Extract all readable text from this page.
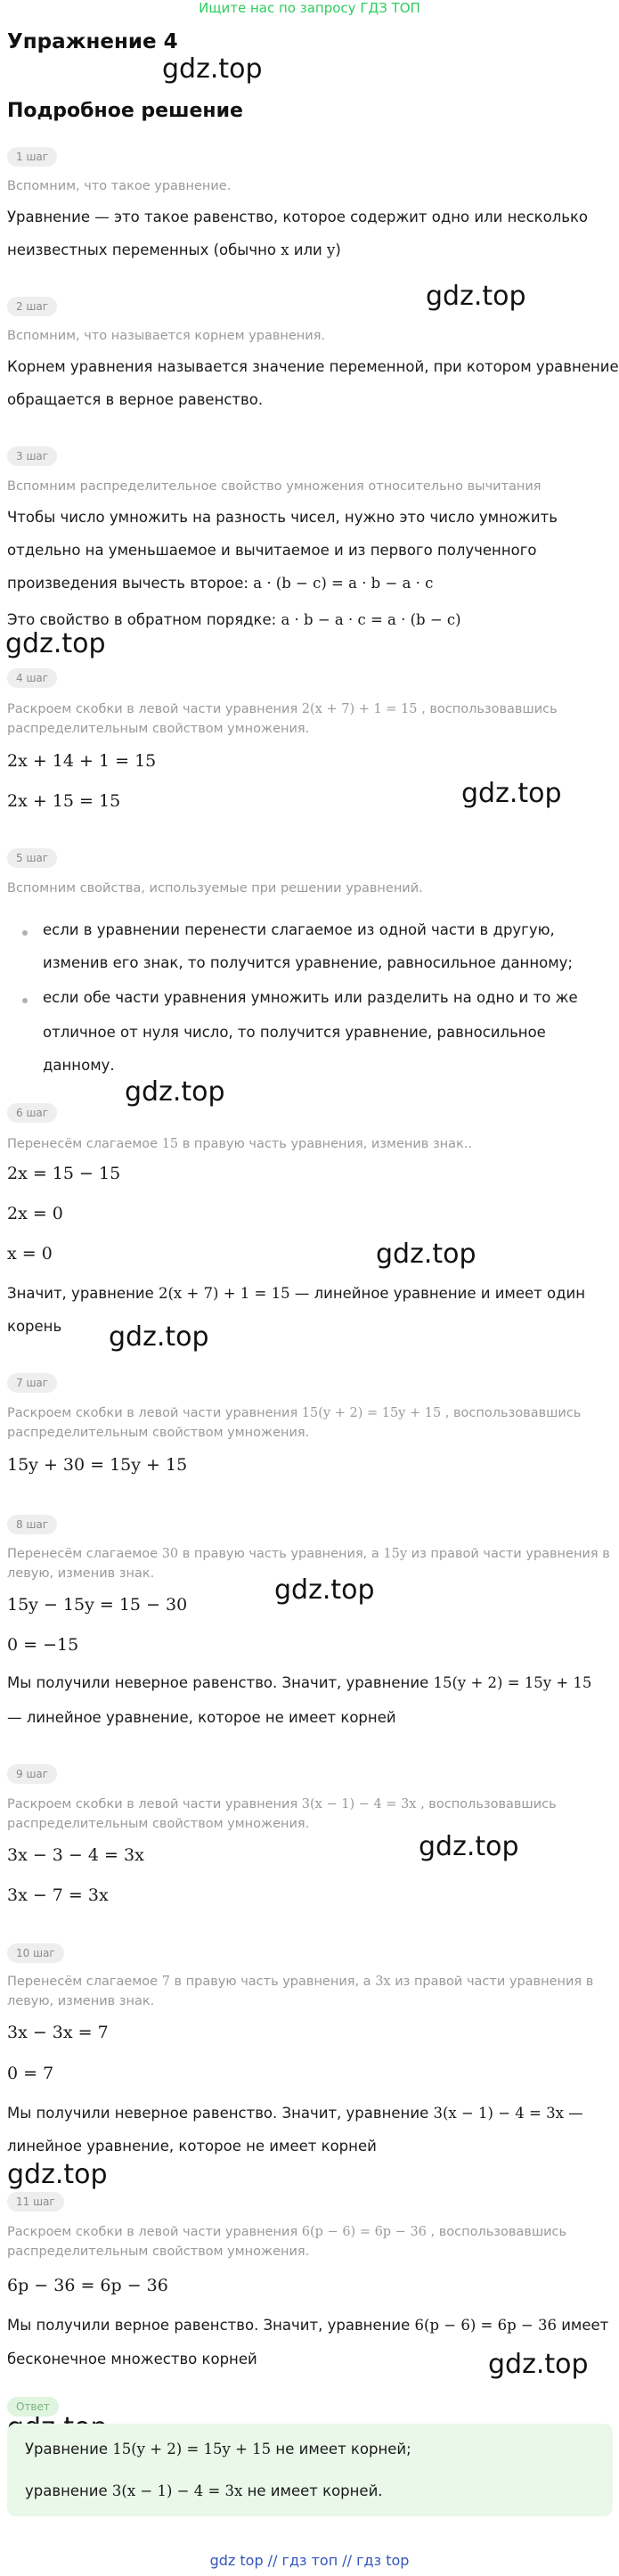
Ищите нас по запросу ГДЗ ТОП
Упражнение 4
Подробное решение
gdz.top
gdz.top
gdz.top
gdz.top
gdz.top
gdz.top
gdz.top
gdz.top
gdz.top
gdz.top
gdz.top
1 шаг
Вспомним, что такое уравнение.
Уравнение — это такое равенство, которое содержит одно или несколько
неизвестных переменных (обычно x или y)
2 шаг
Вспомним, что называется корнем уравнения.
Корнем уравнения называется значение переменной, при котором уравнение
обращается в верное равенство.
3 шаг
Вспомним распределительное свойство умножения относительно вычитания
Чтобы число умножить на разность чисел, нужно это число умножить
отдельно на уменьшаемое и вычитаемое и из первого полученного
произведения вычесть второе: a · (b − c) = a · b − a · c
Это свойство в обратном порядке: a · b − a · c = a · (b − c)
4 шаг
Раскроем скобки в левой части уравнения 2(x + 7) + 1 = 15 , воспользовавшись
распределительным свойством умножения.
2x + 14 + 1 = 15
2x + 15 = 15
5 шаг
Вспомним свойства, используемые при решении уравнений.
если в уравнении перенести слагаемое из одной части в другую,
изменив его знак, то получится уравнение, равносильное данному;
если обе части уравнения умножить или разделить на одно и то же
отличное от нуля число, то получится уравнение, равносильное данному.
6 шаг
Перенесём слагаемое 15 в правую часть уравнения, изменив знак..
2x = 15 − 15
2x = 0
x = 0
Значит, уравнение 2(x + 7) + 1 = 15 — линейное уравнение и имеет один
корень
7 шаг
Раскроем скобки в левой части уравнения 15(y + 2) = 15y + 15 , воспользовавшись
распределительным свойством умножения.
15y + 30 = 15y + 15
8 шаг
Перенесём слагаемое 30 в правую часть уравнения, а 15y из правой части уравнения в
левую, изменив знак.
15y − 15y = 15 − 30
0 = −15
Мы получили неверное равенство. Значит, уравнение 15(y + 2) = 15y + 15
— линейное уравнение, которое не имеет корней
9 шаг
Раскроем скобки в левой части уравнения 3(x − 1) − 4 = 3x , воспользовавшись
распределительным свойством умножения.
3x − 3 − 4 = 3x
3x − 7 = 3x
10 шаг
Перенесём слагаемое 7 в правую часть уравнения, а 3x из правой части уравнения в
левую, изменив знак.
3x − 3x = 7
0 = 7
Мы получили неверное равенство. Значит, уравнение 3(x − 1) − 4 = 3x —
линейное уравнение, которое не имеет корней
11 шаг
Раскроем скобки в левой части уравнения 6(p − 6) = 6p − 36 , воспользовавшись
распределительным свойством умножения.
6p − 36 = 6p − 36
Мы получили верное равенство. Значит, уравнение 6(p − 6) = 6p − 36 имеет
бесконечное множество корней
Ответ
Уравнение 15(y + 2) = 15y + 15 не имеет корней;
уравнение 3(x − 1) − 4 = 3x не имеет корней.
gdz top // гдз топ // гдз top
